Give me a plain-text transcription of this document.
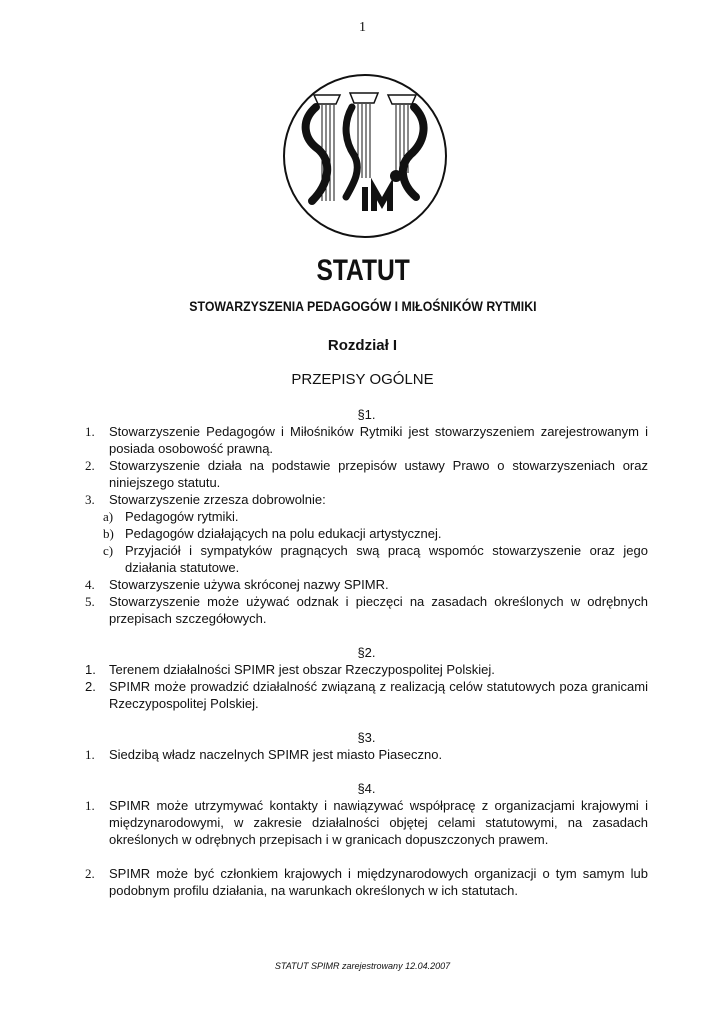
1
STATUT
STOWARZYSZENIA PEDAGOGÓW I MIŁOŚNIKÓW RYTMIKI
Rozdział I
PRZEPISY OGÓLNE

§1.

1.	Stowarzyszenie Pedagogów i Miłośników Rytmiki jest stowarzyszeniem zarejestrowanym i posiada osobowość prawną.
2.	Stowarzyszenie działa na podstawie przepisów ustawy Prawo o stowarzyszeniach oraz niniejszego statutu.
3.	Stowarzyszenie zrzesza dobrowolnie:
a) Pedagogów rytmiki.
b) Pedagogów działających na polu edukacji artystycznej.
c) Przyjaciół i sympatyków pragnących swą pracą wspomóc stowarzyszenie oraz jego działania statutowe.
4.	Stowarzyszenie używa skróconej nazwy SPIMR.
5.	Stowarzyszenie może używać odznak i pieczęci na zasadach określonych w odrębnych przepisach szczegółowych.

§2.

1.	Terenem działalności SPIMR jest obszar Rzeczypospolitej Polskiej.
2.	SPIMR może prowadzić działalność związaną z realizacją celów statutowych poza granicami Rzeczypospolitej Polskiej.

§3.

1.	Siedzibą władz naczelnych SPIMR jest miasto Piaseczno.

§4.

1.	SPIMR może utrzymywać kontakty i nawiązywać współpracę z organizacjami krajowymi i międzynarodowymi, w zakresie działalności objętej celami statutowymi, na zasadach określonych w odrębnych przepisach i w granicach dopuszczonych prawem.
2.	SPIMR może być członkiem krajowych i międzynarodowych organizacji o tym samym lub podobnym profilu działania, na warunkach określonych w ich statutach.
STATUT SPIMR zarejestrowany 12.04.2007
